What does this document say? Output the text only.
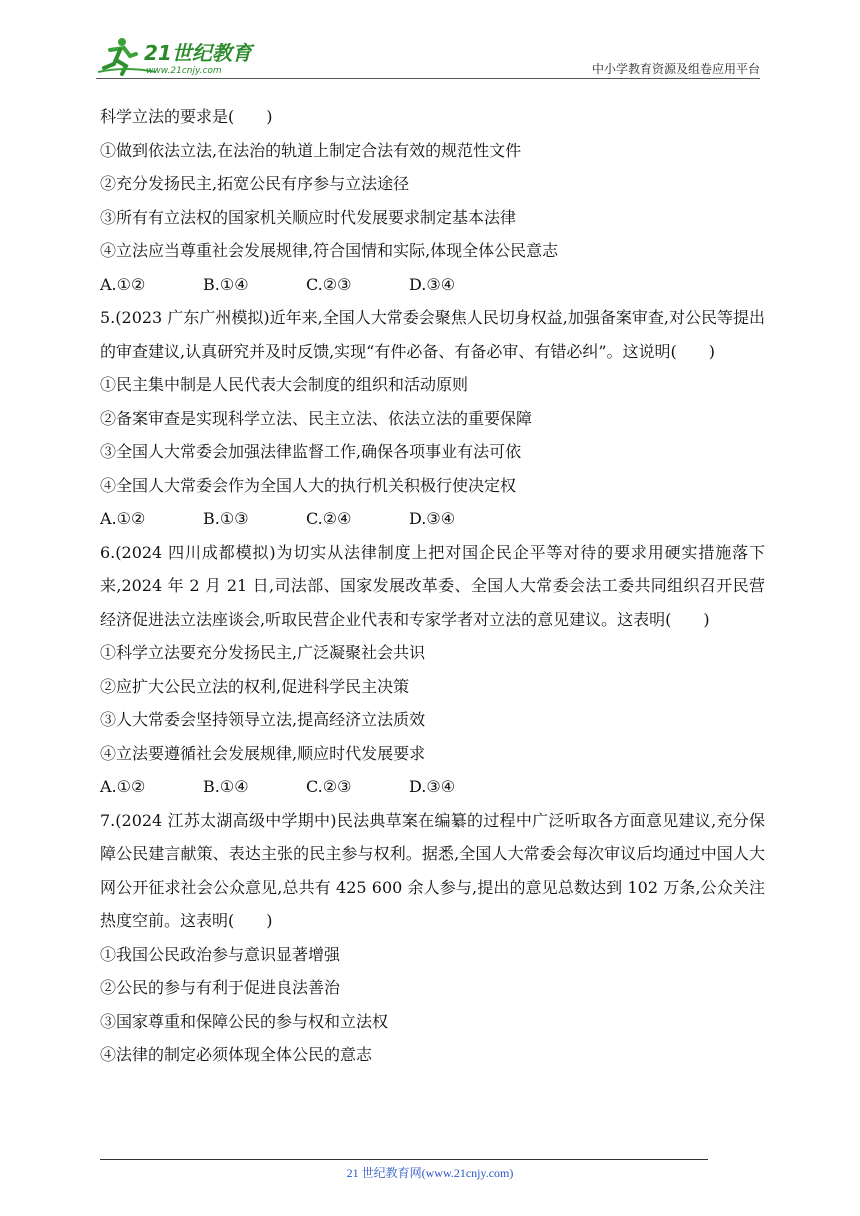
21世纪教育
www.21cnjy.com	中小学教育资源及组卷应用平台
科学立法的要求是(　　)
①做到依法立法,在法治的轨道上制定合法有效的规范性文件
②充分发扬民主,拓宽公民有序参与立法途径
③所有有立法权的国家机关顺应时代发展要求制定基本法律
④立法应当尊重社会发展规律,符合国情和实际,体现全体公民意志
A.①②	B.①④	C.②③	D.③④
5.(2023 广东广州模拟)近年来,全国人大常委会聚焦人民切身权益,加强备案审查,对公民等提出的审查建议,认真研究并及时反馈,实现“有件必备、有备必审、有错必纠”。这说明(　　)
①民主集中制是人民代表大会制度的组织和活动原则
②备案审查是实现科学立法、民主立法、依法立法的重要保障
③全国人大常委会加强法律监督工作,确保各项事业有法可依
④全国人大常委会作为全国人大的执行机关积极行使决定权
A.①②	B.①③	C.②④	D.③④
6.(2024 四川成都模拟)为切实从法律制度上把对国企民企平等对待的要求用硬实措施落下来,2024 年 2 月 21 日,司法部、国家发展改革委、全国人大常委会法工委共同组织召开民营经济促进法立法座谈会,听取民营企业代表和专家学者对立法的意见建议。这表明(　　)
①科学立法要充分发扬民主,广泛凝聚社会共识
②应扩大公民立法的权利,促进科学民主决策
③人大常委会坚持领导立法,提高经济立法质效
④立法要遵循社会发展规律,顺应时代发展要求
A.①②	B.①④	C.②③	D.③④
7.(2024 江苏太湖高级中学期中)民法典草案在编纂的过程中广泛听取各方面意见建议,充分保障公民建言献策、表达主张的民主参与权利。据悉,全国人大常委会每次审议后均通过中国人大网公开征求社会公众意见,总共有 425 600 余人参与,提出的意见总数达到 102 万条,公众关注热度空前。这表明(　　)
①我国公民政治参与意识显著增强
②公民的参与有利于促进良法善治
③国家尊重和保障公民的参与权和立法权
④法律的制定必须体现全体公民的意志
21 世纪教育网(www.21cnjy.com)
